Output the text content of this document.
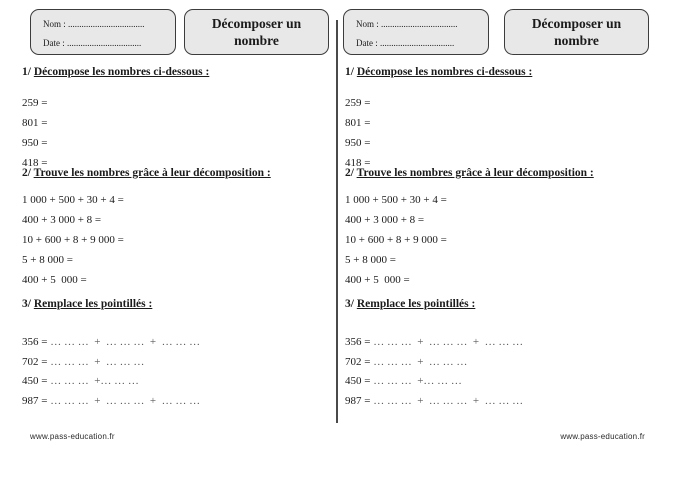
Nom : ..................................
Date : .................................
Décomposer un nombre
1/ Décompose les nombres ci-dessous :
259 =
801 =
950 =
418 =
2/ Trouve les nombres grâce à leur décomposition :
1 000 + 500 + 30 + 4 =
400 + 3 000 + 8 =
10 + 600 + 8 + 9 000 =
5 + 8 000 =
400 + 5  000 =
3/ Remplace les pointillés :
356 = … … …  +  … … …  +  … … …
702 = … … …  +  … … …
450 = … … …  +… … …
987 = … … …  +  … … …  +  … … …
www.pass-education.fr
Nom : ..................................
Date : .................................
Décomposer un nombre
1/ Décompose les nombres ci-dessous :
259 =
801 =
950 =
418 =
2/ Trouve les nombres grâce à leur décomposition :
1 000 + 500 + 30 + 4 =
400 + 3 000 + 8 =
10 + 600 + 8 + 9 000 =
5 + 8 000 =
400 + 5  000 =
3/ Remplace les pointillés :
356 = … … …  +  … … …  +  … … …
702 = … … …  +  … … …
450 = … … …  +… … …
987 = … … …  +  … … …  +  … … …
www.pass-education.fr
